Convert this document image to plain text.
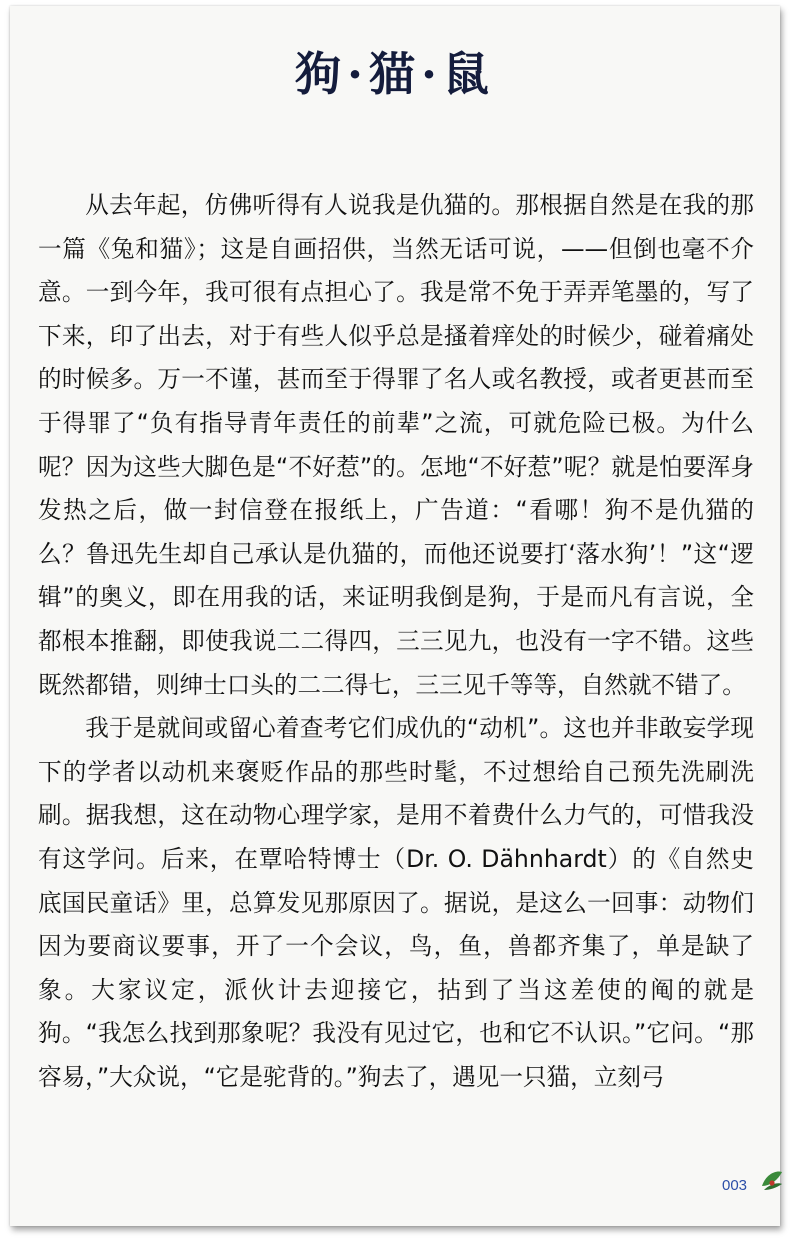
狗·猫·鼠

从去年起，仿佛听得有人说我是仇猫的。那根据自然是在我的那一篇《兔和猫》；这是自画招供，当然无话可说，——但倒也毫不介意。一到今年，我可很有点担心了。我是常不免于弄弄笔墨的，写了下来，印了出去，对于有些人似乎总是搔着痒处的时候少，碰着痛处的时候多。万一不谨，甚而至于得罪了名人或名教授，或者更甚而至于得罪了“负有指导青年责任的前辈”之流，可就危险已极。为什么呢？因为这些大脚色是“不好惹”的。怎地“不好惹”呢？就是怕要浑身发热之后，做一封信登在报纸上，广告道：“看哪！狗不是仇猫的么？鲁迅先生却自己承认是仇猫的，而他还说要打‘落水狗’！”这“逻辑”的奥义，即在用我的话，来证明我倒是狗，于是而凡有言说，全都根本推翻，即使我说二二得四，三三见九，也没有一字不错。这些既然都错，则绅士口头的二二得七，三三见千等等，自然就不错了。

我于是就间或留心着查考它们成仇的“动机”。这也并非敢妄学现下的学者以动机来褒贬作品的那些时髦，不过想给自己预先洗刷洗刷。据我想，这在动物心理学家，是用不着费什么力气的，可惜我没有这学问。后来，在覃哈特博士（Dr. O. Dähnhardt）的《自然史底国民童话》里，总算发见那原因了。据说，是这么一回事：动物们因为要商议要事，开了一个会议，鸟，鱼，兽都齐集了，单是缺了象。大家议定，派伙计去迎接它，拈到了当这差使的阄的就是狗。“我怎么找到那象呢？我没有见过它，也和它不认识。”它问。“那容易，”大众说，“它是驼背的。”狗去了，遇见一只猫，立刻弓

003
